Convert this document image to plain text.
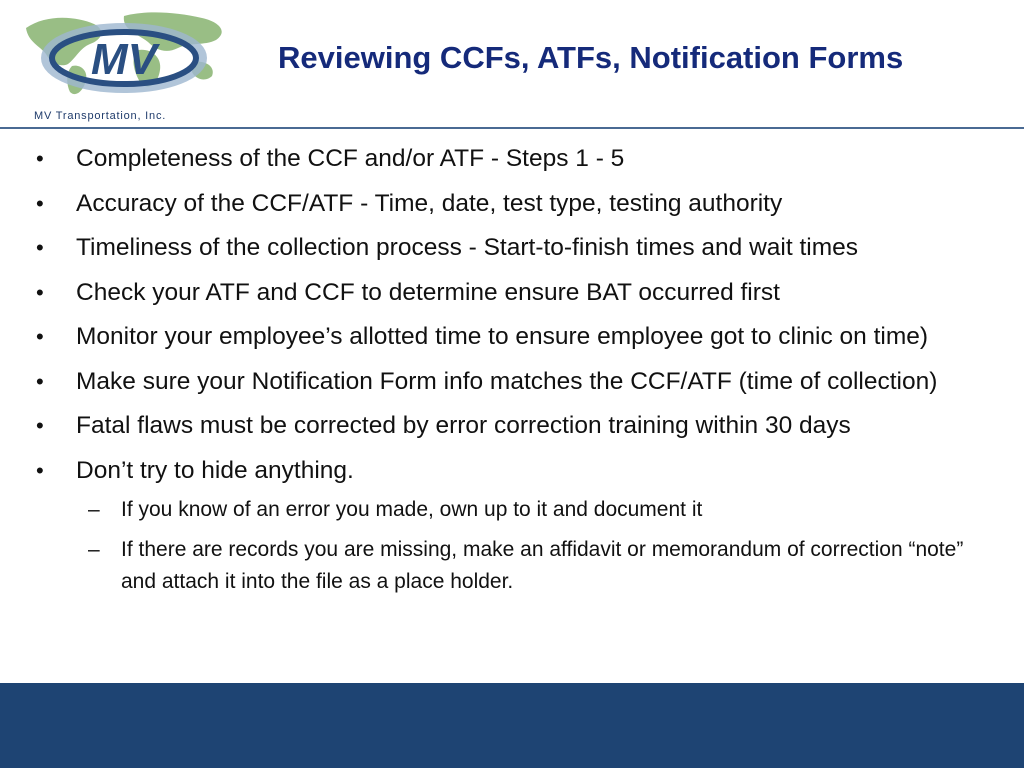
MV
MV Transportation, Inc.
Reviewing CCFs, ATFs, Notification Forms
• Completeness of the CCF and/or ATF - Steps 1 - 5
• Accuracy of the CCF/ATF - Time, date, test type, testing authority
• Timeliness of the collection process - Start-to-finish times and wait times
• Check your ATF and CCF to determine ensure BAT occurred first
• Monitor your employee’s allotted time to ensure employee got to clinic on time)
• Make sure your Notification Form info matches the CCF/ATF (time of collection)
• Fatal flaws must be corrected by error correction training within 30 days
• Don’t try to hide anything.
– If you know of an error you made, own up to it and document it
– If there are records you are missing, make an affidavit or memorandum of correction “note” and attach it into the file as a place holder.
